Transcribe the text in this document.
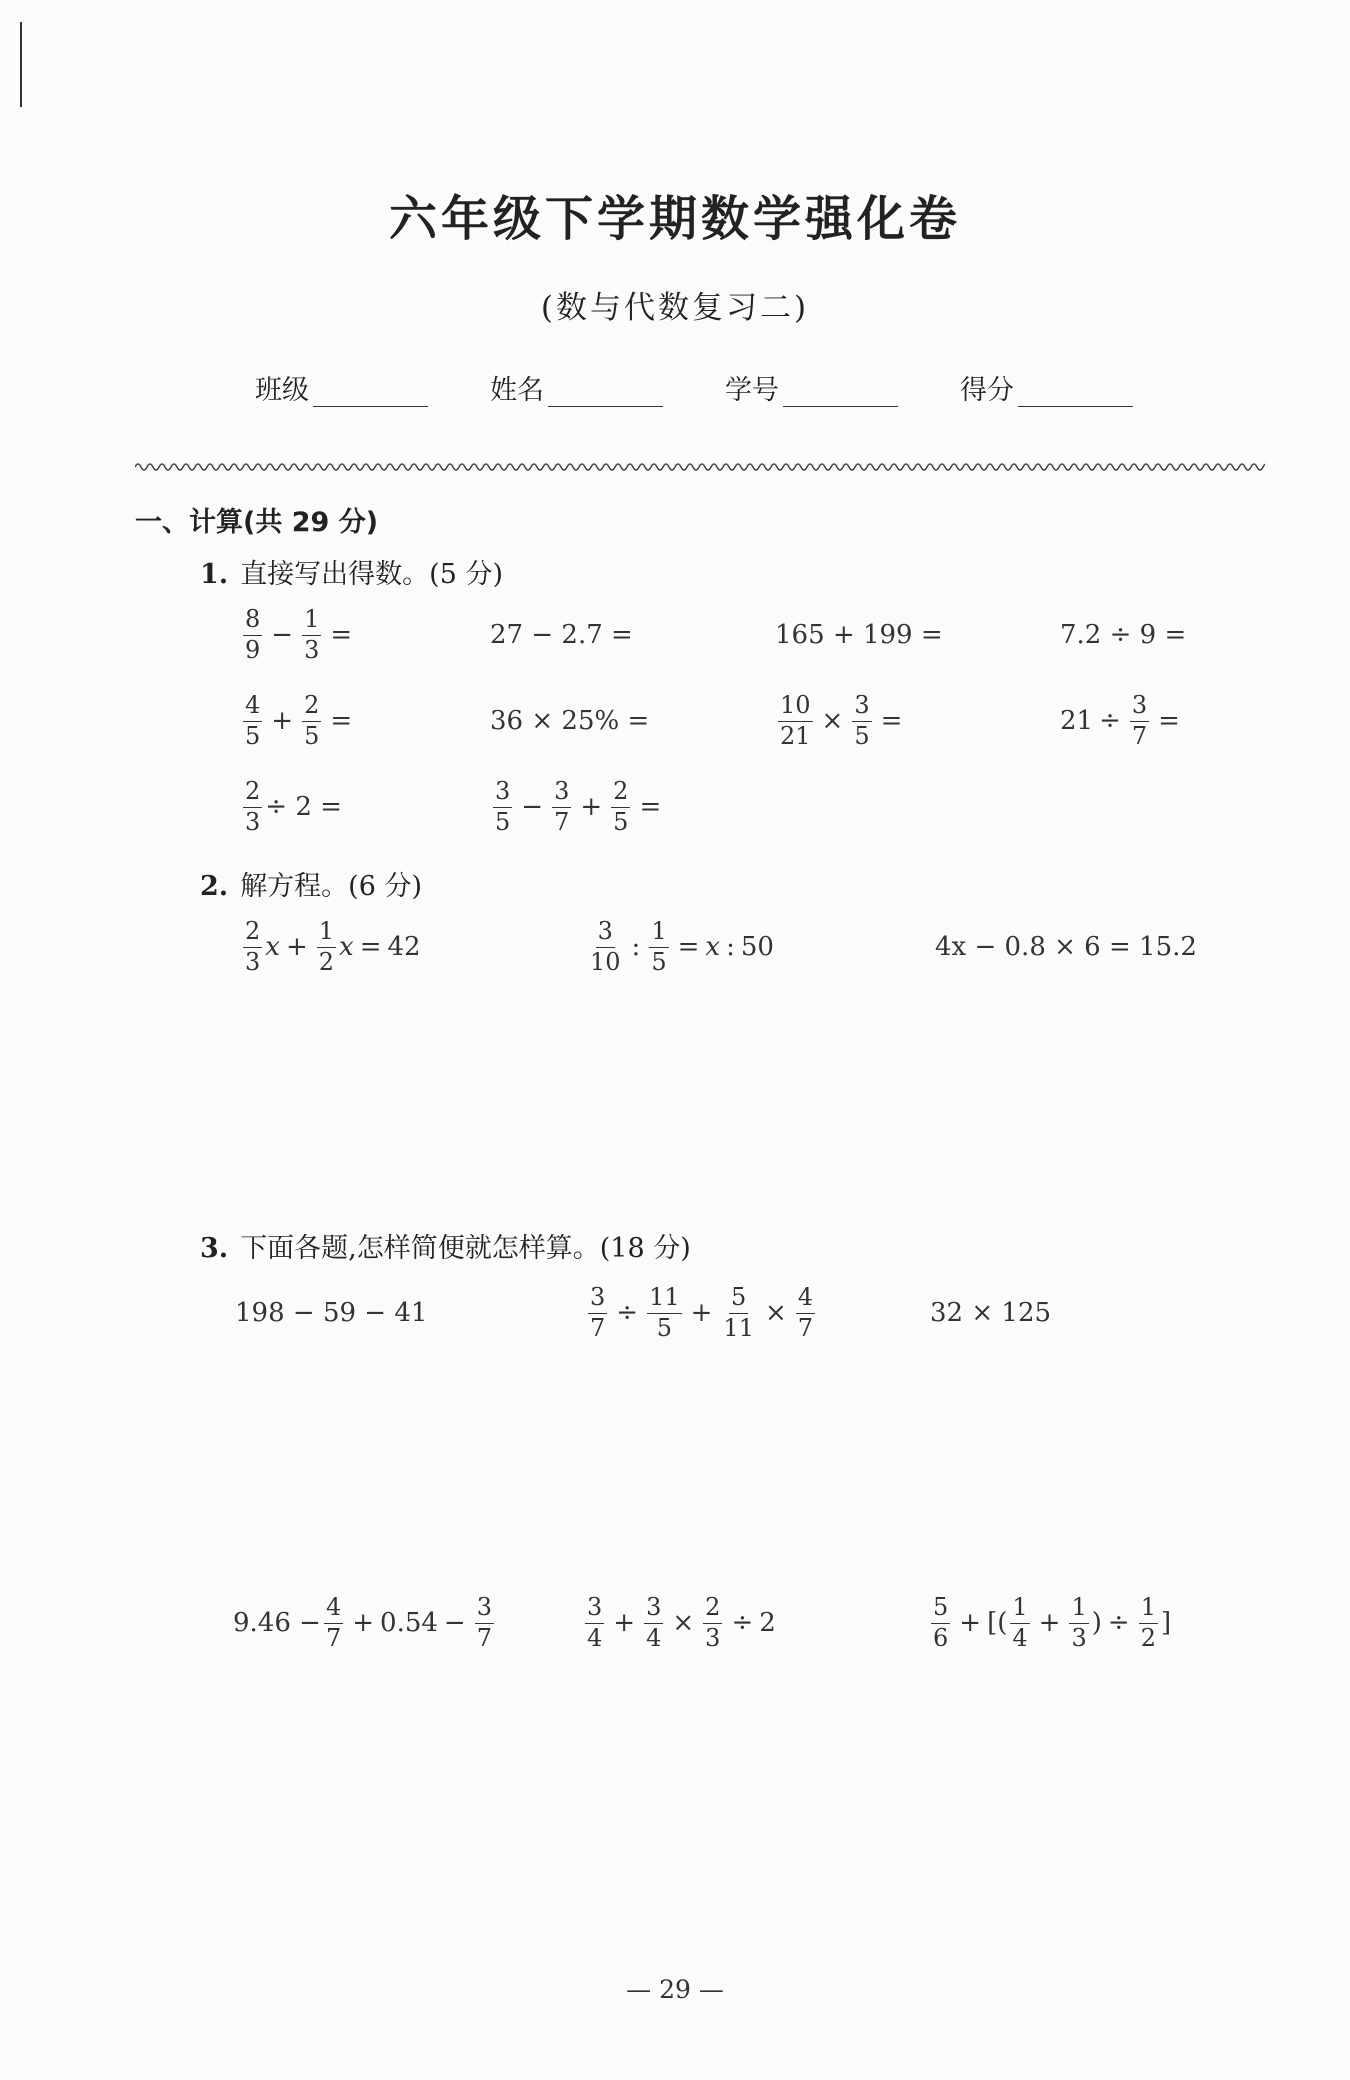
六年级下学期数学强化卷
(数与代数复习二)
班级	姓名	学号	得分
一、计算(共 29 分)
1. 直接写出得数。(5 分)
$\frac{8}{9} - \frac{1}{3}$ =	27 − 2.7 =	165 + 199 =	7.2 ÷ 9 =
$\frac{4}{5} + \frac{2}{5}$ =	36 × 25% =	$\frac{10}{21} \times \frac{3}{5}$ =	$21 \div \frac{3}{7}$ =
$\frac{2}{3} \div 2$ =	$\frac{3}{5} - \frac{3}{7} + \frac{2}{5}$ =
2. 解方程。(6 分)
$\frac{2}{3}$ $x + \frac{1}{2}$ x = 42	$\frac{3}{10}$ : $\frac{1}{5} = x$ : 50	4x − 0.8 × 6 = 15.2
3. 下面各题,怎样简便就怎样算。(18 分)
198 − 59 − 41	$\frac{3}{7} \div \frac{11}{5} + \frac{5}{11} \times \frac{4}{7}$	32 × 125
$9.46 - \frac{4}{7} + 0.54 - \frac{3}{7}$	$\frac{3}{4} + \frac{3}{4} \times \frac{2}{3} \div 2$	$\frac{5}{6}$ + [( $\frac{1}{4} + \frac{1}{3}$ ) ÷ $\frac{1}{2}$ ]
— 29 —
